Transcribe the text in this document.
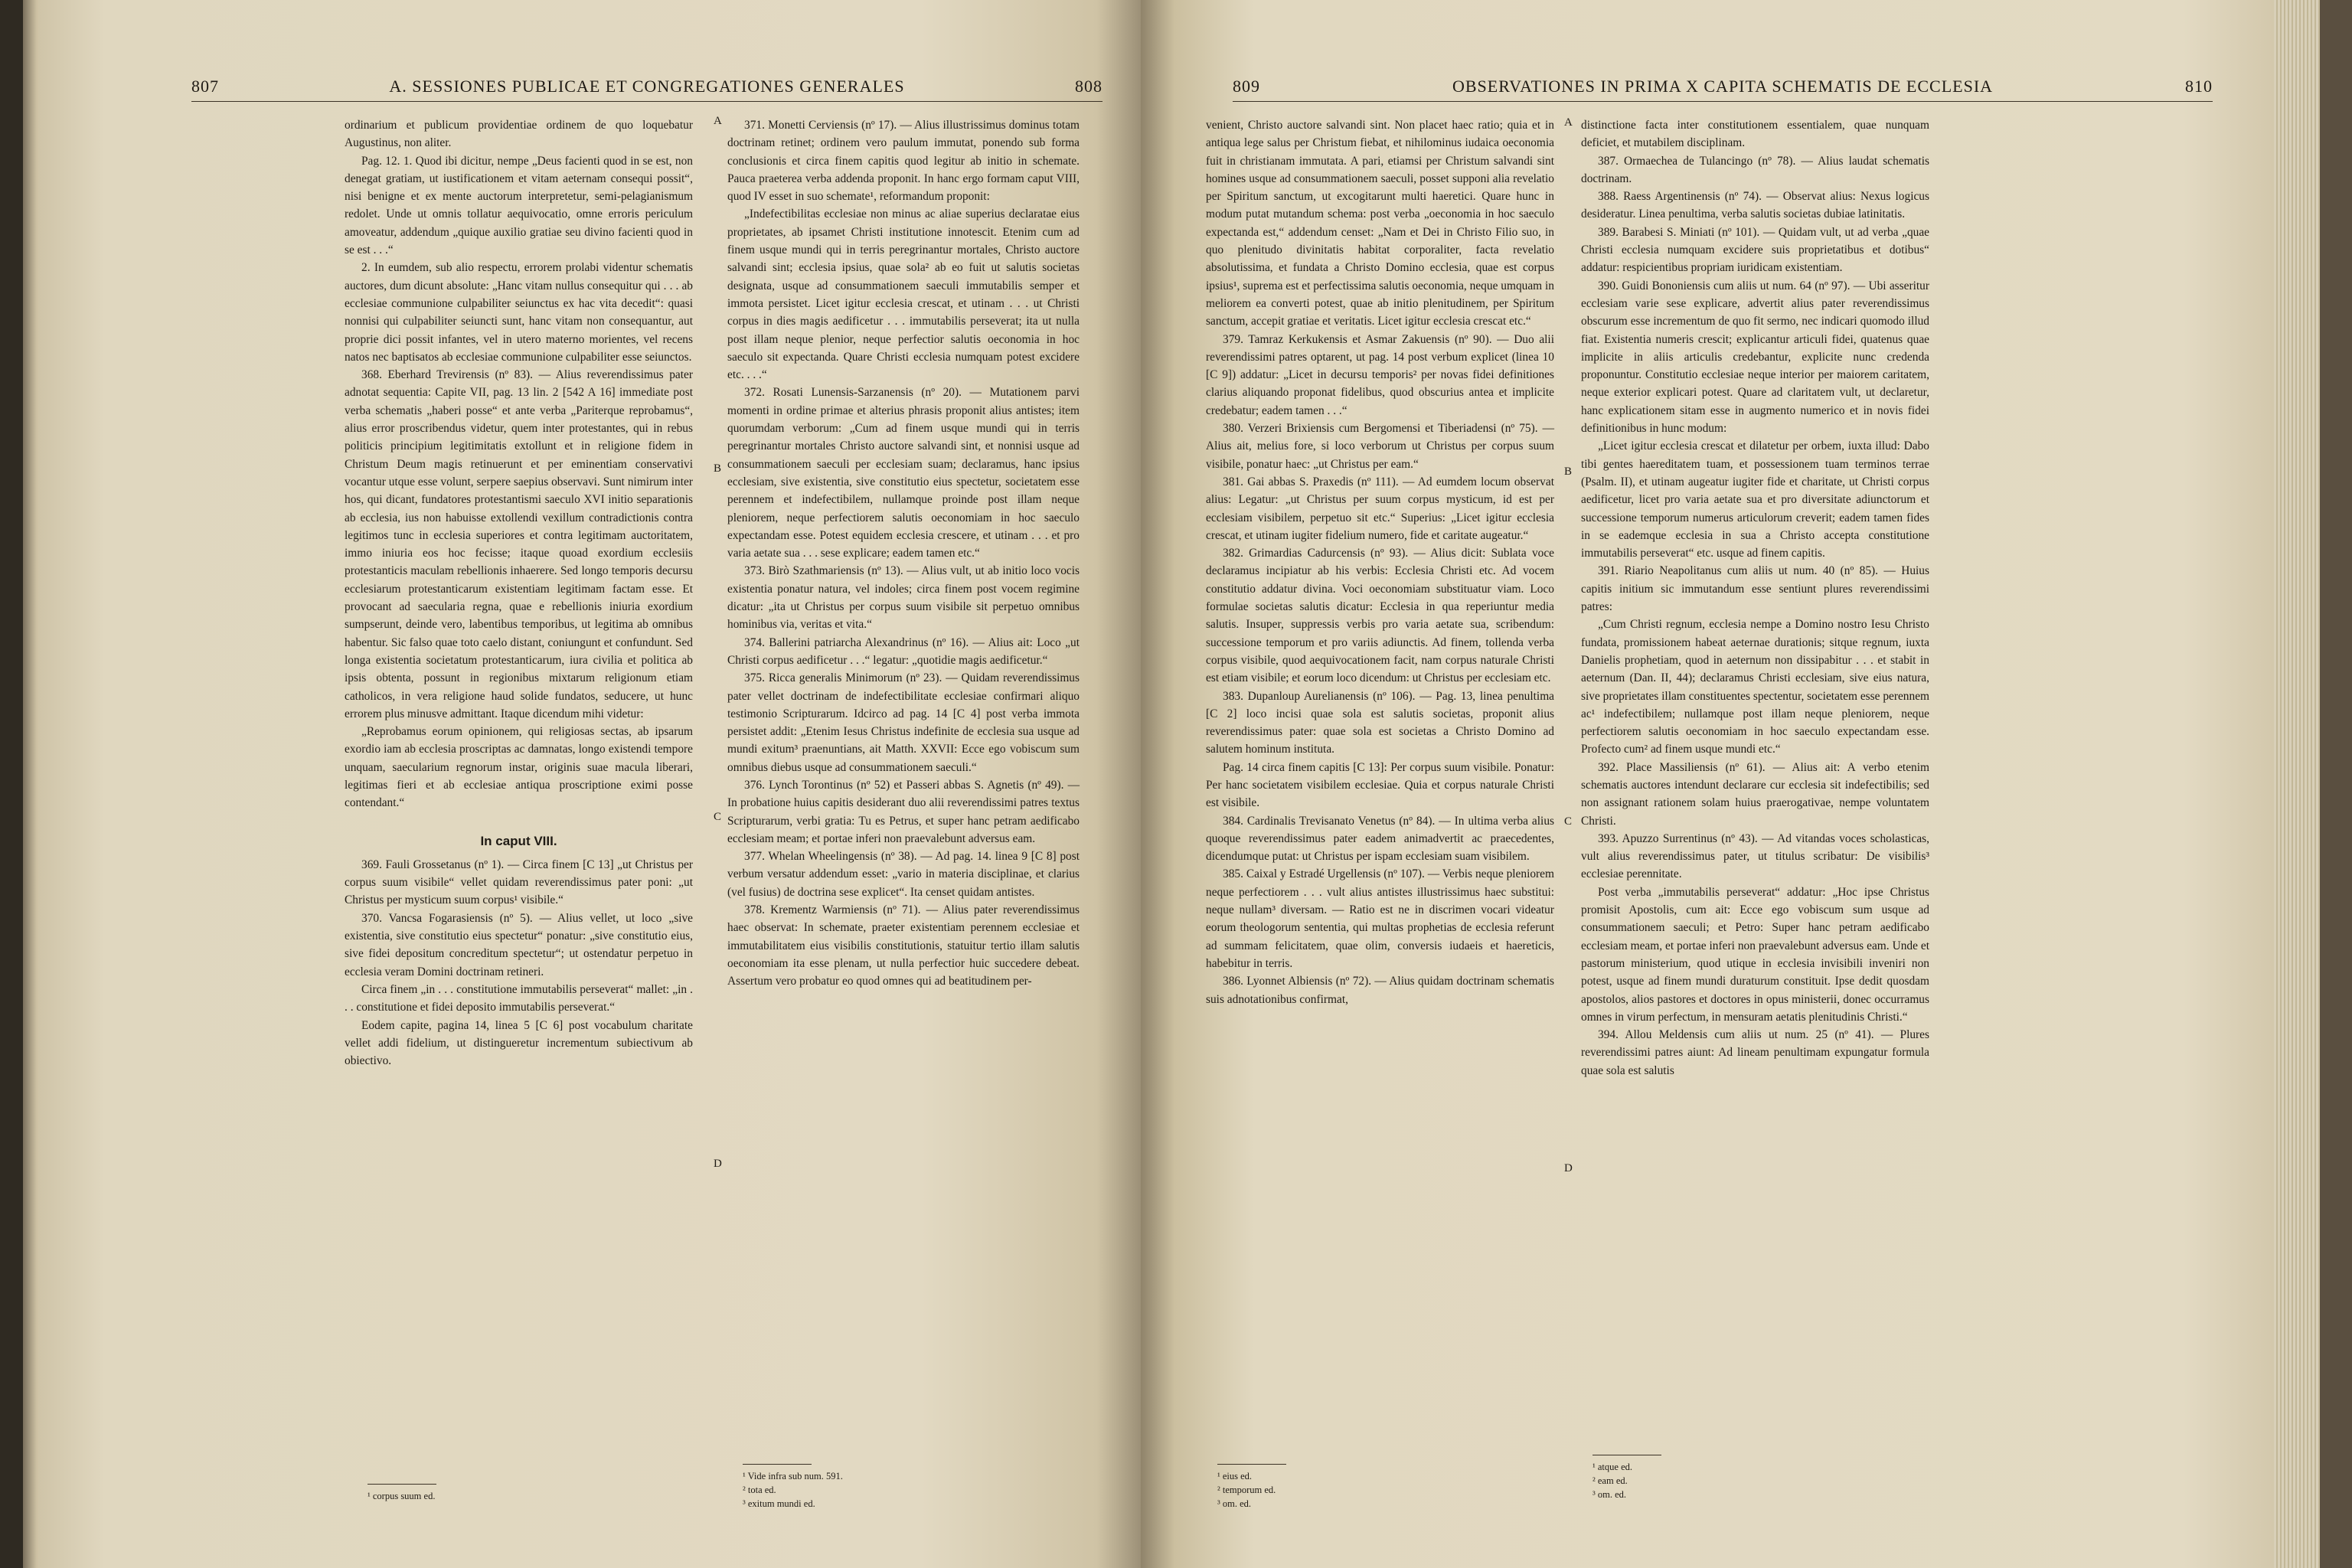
807	A. SESSIONES PUBLICAE ET CONGREGATIONES GENERALES	808

ordinarium et publicum providentiae ordinem de quo loquebatur Augustinus, non aliter.

Pag. 12. 1. Quod ibi dicitur, nempe „Deus facienti quod in se est, non denegat gratiam, ut iustificationem et vitam aeternam consequi possit“, nisi benigne et ex mente auctorum interpretetur, semi-pelagianismum redolet. Unde ut omnis tollatur aequivocatio, omne erroris periculum amoveatur, addendum „quique auxilio gratiae seu divino facienti quod in se est . . .“

2. In eumdem, sub alio respectu, errorem prolabi videntur schematis auctores, dum dicunt absolute: „Hanc vitam nullus consequitur qui . . . ab ecclesiae communione culpabiliter seiunctus ex hac vita decedit“: quasi nonnisi qui culpabiliter seiuncti sunt, hanc vitam non consequantur, aut proprie dici possit infantes, vel in utero materno morientes, vel recens natos nec baptisatos ab ecclesiae communione culpabiliter esse seiunctos.

368. Eberhard Trevirensis (nº 83). — Alius reverendissimus pater adnotat sequentia: Capite VII, pag. 13 lin. 2 [542 A 16] immediate post verba schematis „haberi posse“ et ante verba „Pariterque reprobamus“, alius error proscribendus videtur, quem inter protestantes, qui in rebus politicis principium legitimitatis extollunt et in religione fidem in Christum Deum magis retinuerunt et per eminentiam conservativi vocantur utque esse volunt, serpere saepius observavi. Sunt nimirum inter hos, qui dicant, fundatores protestantismi saeculo XVI initio separationis ab ecclesia, ius non habuisse extollendi vexillum contradictionis contra legitimos tunc in ecclesia superiores et contra legitimam auctoritatem, immo iniuria eos hoc fecisse; itaque quoad exordium ecclesiis protestanticis maculam rebellionis inhaerere. Sed longo temporis decursu ecclesiarum protestanticarum existentiam legitimam factam esse. Et provocant ad saecularia regna, quae e rebellionis iniuria exordium sumpserunt, deinde vero, labentibus temporibus, ut legitima ab omnibus habentur. Sic falso quae toto caelo distant, coniungunt et confundunt. Sed longa existentia societatum protestanticarum, iura civilia et politica ab ipsis obtenta, possunt in regionibus mixtarum religionum etiam catholicos, in vera religione haud solide fundatos, seducere, ut hunc errorem plus minusve admittant. Itaque dicendum mihi videtur:

„Reprobamus eorum opinionem, qui religiosas sectas, ab ipsarum exordio iam ab ecclesia proscriptas ac damnatas, longo existendi tempore unquam, saecularium regnorum instar, originis suae macula liberari, legitimas fieri et ab ecclesiae antiqua proscriptione eximi posse contendant.“

In caput VIII.

369. Fauli Grossetanus (nº 1). — Circa finem [C 13] „ut Christus per corpus suum visibile“ vellet quidam reverendissimus pater poni: „ut Christus per mysticum suum corpus¹ visibile.“

370. Vancsa Fogarasiensis (nº 5). — Alius vellet, ut loco „sive existentia, sive constitutio eius spectetur“ ponatur: „sive constitutio eius, sive fidei depositum concreditum spectetur“; ut ostendatur perpetuo in ecclesia veram Domini doctrinam retineri.

Circa finem „in . . . constitutione immutabilis perseverat“ mallet: „in . . . constitutione et fidei deposito immutabilis perseverat.“

Eodem capite, pagina 14, linea 5 [C 6] post vocabulum charitate vellet addi fidelium, ut distingueretur incrementum subiectivum ab obiectivo.

371. Monetti Cerviensis (nº 17). — Alius illustrissimus dominus totam doctrinam retinet; ordinem vero paulum immutat, ponendo sub forma conclusionis et circa finem capitis quod legitur ab initio in schemate. Pauca praeterea verba addenda proponit. In hanc ergo formam caput VIII, quod IV esset in suo schemate¹, reformandum proponit:

„Indefectibilitas ecclesiae non minus ac aliae superius declaratae eius proprietates, ab ipsamet Christi institutione innotescit. Etenim cum ad finem usque mundi qui in terris peregrinantur mortales, Christo auctore salvandi sint; ecclesia ipsius, quae sola² ab eo fuit ut salutis societas designata, usque ad consummationem saeculi immutabilis semper et immota persistet. Licet igitur ecclesia crescat, et utinam . . . ut Christi corpus in dies magis aedificetur . . . immutabilis perseverat; ita ut nulla post illam neque plenior, neque perfectior salutis oeconomia in hoc saeculo sit expectanda. Quare Christi ecclesia numquam potest excidere etc. . . .“

372. Rosati Lunensis-Sarzanensis (nº 20). — Mutationem parvi momenti in ordine primae et alterius phrasis proponit alius antistes; item quorumdam verborum: „Cum ad finem usque mundi qui in terris peregrinantur mortales Christo auctore salvandi sint, et nonnisi usque ad consummationem saeculi per ecclesiam suam; declaramus, hanc ipsius ecclesiam, sive existentia, sive constitutio eius spectetur, societatem esse perennem et indefectibilem, nullamque proinde post illam neque pleniorem, neque perfectiorem salutis oeconomiam in hoc saeculo expectandam esse. Potest equidem ecclesia crescere, et utinam . . . et pro varia aetate sua . . . sese explicare; eadem tamen etc.“

373. Birò Szathmariensis (nº 13). — Alius vult, ut ab initio loco vocis existentia ponatur natura, vel indoles; circa finem post vocem regimine dicatur: „ita ut Christus per corpus suum visibile sit perpetuo omnibus hominibus via, veritas et vita.“

374. Ballerini patriarcha Alexandrinus (nº 16). — Alius ait: Loco „ut Christi corpus aedificetur . . .“ legatur: „quotidie magis aedificetur.“

375. Ricca generalis Minimorum (nº 23). — Quidam reverendissimus pater vellet doctrinam de indefectibilitate ecclesiae confirmari aliquo testimonio Scripturarum. Idcirco ad pag. 14 [C 4] post verba immota persistet addit: „Etenim Iesus Christus indefinite de ecclesia sua usque ad mundi exitum³ praenuntians, ait Matth. XXVII: Ecce ego vobiscum sum omnibus diebus usque ad consummationem saeculi.“

376. Lynch Torontinus (nº 52) et Passeri abbas S. Agnetis (nº 49). — In probatione huius capitis desiderant duo alii reverendissimi patres textus Scripturarum, verbi gratia: Tu es Petrus, et super hanc petram aedificabo ecclesiam meam; et portae inferi non praevalebunt adversus eam.

377. Whelan Wheelingensis (nº 38). — Ad pag. 14. linea 9 [C 8] post verbum versatur addendum esset: „vario in materia disciplinae, et clarius (vel fusius) de doctrina sese explicet“. Ita censet quidam antistes.

378. Krementz Warmiensis (nº 71). — Alius pater reverendissimus haec observat: In schemate, praeter existentiam perennem ecclesiae et immutabilitatem eius visibilis constitutionis, statuitur tertio illam salutis oeconomiam ita esse plenam, ut nulla perfectior huic succedere debeat. Assertum vero probatur eo quod omnes qui ad beatitudinem per-

¹ corpus suum ed.
¹ Vide infra sub num. 591.
² tota ed.
³ exitum mundi ed.
A
B
C
D
809	OBSERVATIONES IN PRIMA X CAPITA SCHEMATIS DE ECCLESIA	810

venient, Christo auctore salvandi sint. Non placet haec ratio; quia et in antiqua lege salus per Christum fiebat, et nihilominus iudaica oeconomia fuit in christianam immutata. A pari, etiamsi per Christum salvandi sint homines usque ad consummationem saeculi, posset supponi alia revelatio per Spiritum sanctum, ut excogitarunt multi haeretici. Quare hunc in modum putat mutandum schema: post verba „oeconomia in hoc saeculo expectanda est,“ addendum censet: „Nam et Dei in Christo Filio suo, in quo plenitudo divinitatis habitat corporaliter, facta revelatio absolutissima, et fundata a Christo Domino ecclesia, quae est corpus ipsius¹, suprema est et perfectissima salutis oeconomia, neque umquam in meliorem ea converti potest, quae ab initio plenitudinem, per Spiritum sanctum, accepit gratiae et veritatis. Licet igitur ecclesia crescat etc.“

379. Tamraz Kerkukensis et Asmar Zakuensis (nº 90). — Duo alii reverendissimi patres optarent, ut pag. 14 post verbum explicet (linea 10 [C 9]) addatur: „Licet in decursu temporis² per novas fidei definitiones clarius aliquando proponat fidelibus, quod obscurius antea et implicite credebatur; eadem tamen . . .“

380. Verzeri Brixiensis cum Bergomensi et Tiberiadensi (nº 75). — Alius ait, melius fore, si loco verborum ut Christus per corpus suum visibile, ponatur haec: „ut Christus per eam.“

381. Gai abbas S. Praxedis (nº 111). — Ad eumdem locum observat alius: Legatur: „ut Christus per suum corpus mysticum, id est per ecclesiam visibilem, perpetuo sit etc.“ Superius: „Licet igitur ecclesia crescat, et utinam iugiter fidelium numero, fide et caritate augeatur.“

382. Grimardias Cadurcensis (nº 93). — Alius dicit: Sublata voce declaramus incipiatur ab his verbis: Ecclesia Christi etc. Ad vocem constitutio addatur divina. Voci oeconomiam substituatur viam. Loco formulae societas salutis dicatur: Ecclesia in qua reperiuntur media salutis. Insuper, suppressis verbis pro varia aetate sua, scribendum: successione temporum et pro variis adiunctis. Ad finem, tollenda verba corpus visibile, quod aequivocationem facit, nam corpus naturale Christi est etiam visibile; et eorum loco dicendum: ut Christus per ecclesiam etc.

383. Dupanloup Aurelianensis (nº 106). — Pag. 13, linea penultima [C 2] loco incisi quae sola est salutis societas, proponit alius reverendissimus pater: quae sola est societas a Christo Domino ad salutem hominum instituta.

Pag. 14 circa finem capitis [C 13]: Per corpus suum visibile. Ponatur: Per hanc societatem visibilem ecclesiae. Quia et corpus naturale Christi est visibile.

384. Cardinalis Trevisanato Venetus (nº 84). — In ultima verba alius quoque reverendissimus pater eadem animadvertit ac praecedentes, dicendumque putat: ut Christus per ispam ecclesiam suam visibilem.

385. Caixal y Estradé Urgellensis (nº 107). — Verbis neque pleniorem neque perfectiorem . . . vult alius antistes illustrissimus haec substitui: neque nullam³ diversam. — Ratio est ne in discrimen vocari videatur eorum theologorum sententia, qui multas prophetias de ecclesia referunt ad summam felicitatem, quae olim, conversis iudaeis et haereticis, habebitur in terris.

386. Lyonnet Albiensis (nº 72). — Alius quidam doctrinam schematis suis adnotationibus confirmat,

distinctione facta inter constitutionem essentialem, quae nunquam deficiet, et mutabilem disciplinam.

387. Ormaechea de Tulancingo (nº 78). — Alius laudat schematis doctrinam.

388. Raess Argentinensis (nº 74). — Observat alius: Nexus logicus desideratur. Linea penultima, verba salutis societas dubiae latinitatis.

389. Barabesi S. Miniati (nº 101). — Quidam vult, ut ad verba „quae Christi ecclesia numquam excidere suis proprietatibus et dotibus“ addatur: respicientibus propriam iuridicam existentiam.

390. Guidi Bononiensis cum aliis ut num. 64 (nº 97). — Ubi asseritur ecclesiam varie sese explicare, advertit alius pater reverendissimus obscurum esse incrementum de quo fit sermo, nec indicari quomodo illud fiat. Existentia numeris crescit; explicantur articuli fidei, quatenus quae implicite in aliis articulis credebantur, explicite nunc credenda proponuntur. Constitutio ecclesiae neque interior per maiorem caritatem, neque exterior explicari potest. Quare ad claritatem vult, ut declaretur, hanc explicationem sitam esse in augmento numerico et in novis fidei definitionibus in hunc modum:

„Licet igitur ecclesia crescat et dilatetur per orbem, iuxta illud: Dabo tibi gentes haereditatem tuam, et possessionem tuam terminos terrae (Psalm. II), et utinam augeatur iugiter fide et charitate, ut Christi corpus aedificetur, licet pro varia aetate sua et pro diversitate adiunctorum et successione temporum numerus articulorum creverit; eadem tamen fides in se eademque ecclesia in sua a Christo accepta constitutione immutabilis perseverat“ etc. usque ad finem capitis.

391. Riario Neapolitanus cum aliis ut num. 40 (nº 85). — Huius capitis initium sic immutandum esse sentiunt plures reverendissimi patres:

„Cum Christi regnum, ecclesia nempe a Domino nostro Iesu Christo fundata, promissionem habeat aeternae durationis; sitque regnum, iuxta Danielis prophetiam, quod in aeternum non dissipabitur . . . et stabit in aeternum (Dan. II, 44); declaramus Christi ecclesiam, sive eius natura, sive proprietates illam constituentes spectentur, societatem esse perennem ac¹ indefectibilem; nullamque post illam neque pleniorem, neque perfectiorem salutis oeconomiam in hoc saeculo expectandam esse. Profecto cum² ad finem usque mundi etc.“

392. Place Massiliensis (nº 61). — Alius ait: A verbo etenim schematis auctores intendunt declarare cur ecclesia sit indefectibilis; sed non assignant rationem solam huius praerogativae, nempe voluntatem Christi.

393. Apuzzo Surrentinus (nº 43). — Ad vitandas voces scholasticas, vult alius reverendissimus pater, ut titulus scribatur: De visibilis³ ecclesiae perennitate.

Post verba „immutabilis perseverat“ addatur: „Hoc ipse Christus promisit Apostolis, cum ait: Ecce ego vobiscum sum usque ad consummationem saeculi; et Petro: Super hanc petram aedificabo ecclesiam meam, et portae inferi non praevalebunt adversus eam. Unde et pastorum ministerium, quod utique in ecclesia invisibili inveniri non potest, usque ad finem mundi duraturum constituit. Ipse dedit quosdam apostolos, alios pastores et doctores in opus ministerii, donec occurramus omnes in virum perfectum, in mensuram aetatis plenitudinis Christi.“

394. Allou Meldensis cum aliis ut num. 25 (nº 41). — Plures reverendissimi patres aiunt: Ad lineam penultimam expungatur formula quae sola est salutis

¹ eius ed.
² temporum ed.
³ om. ed.
¹ atque ed.
² eam ed.
³ om. ed.
A
B
C
D
